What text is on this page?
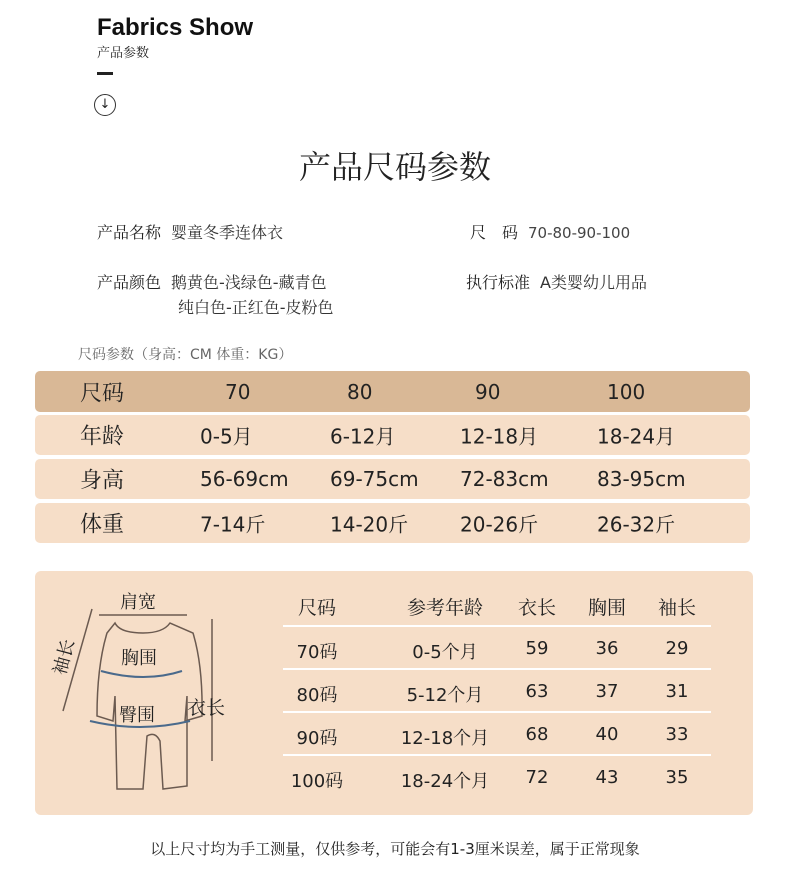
Fabrics Show
产品参数
↓
产品尺码参数
产品名称 婴童冬季连体衣	尺　码 70-80-90-100
产品颜色 鹅黄色-浅绿色-藏青色
纯白色-正红色-皮粉色
执行标准 A类婴幼儿用品
尺码参数（身高：CM 体重：KG）
尺码	70	80	90	100
年龄	0-5月	6-12月	12-18月	18-24月
身高	56-69cm 69-75cm 72-83cm 83-95cm
体重	7-14斤	14-20斤	20-26斤	26-32斤
肩宽
胸围
臀围 衣长
袖长
尺码	参考年龄 衣长 胸围 袖长
70码	0-5个月	59	36	29
80码	5-12个月 63	37	31
90码	12-18个月 68	40	33
100码	18-24个月 72	43	35
以上尺寸均为手工测量，仅供参考，可能会有1-3厘米误差，属于正常现象
